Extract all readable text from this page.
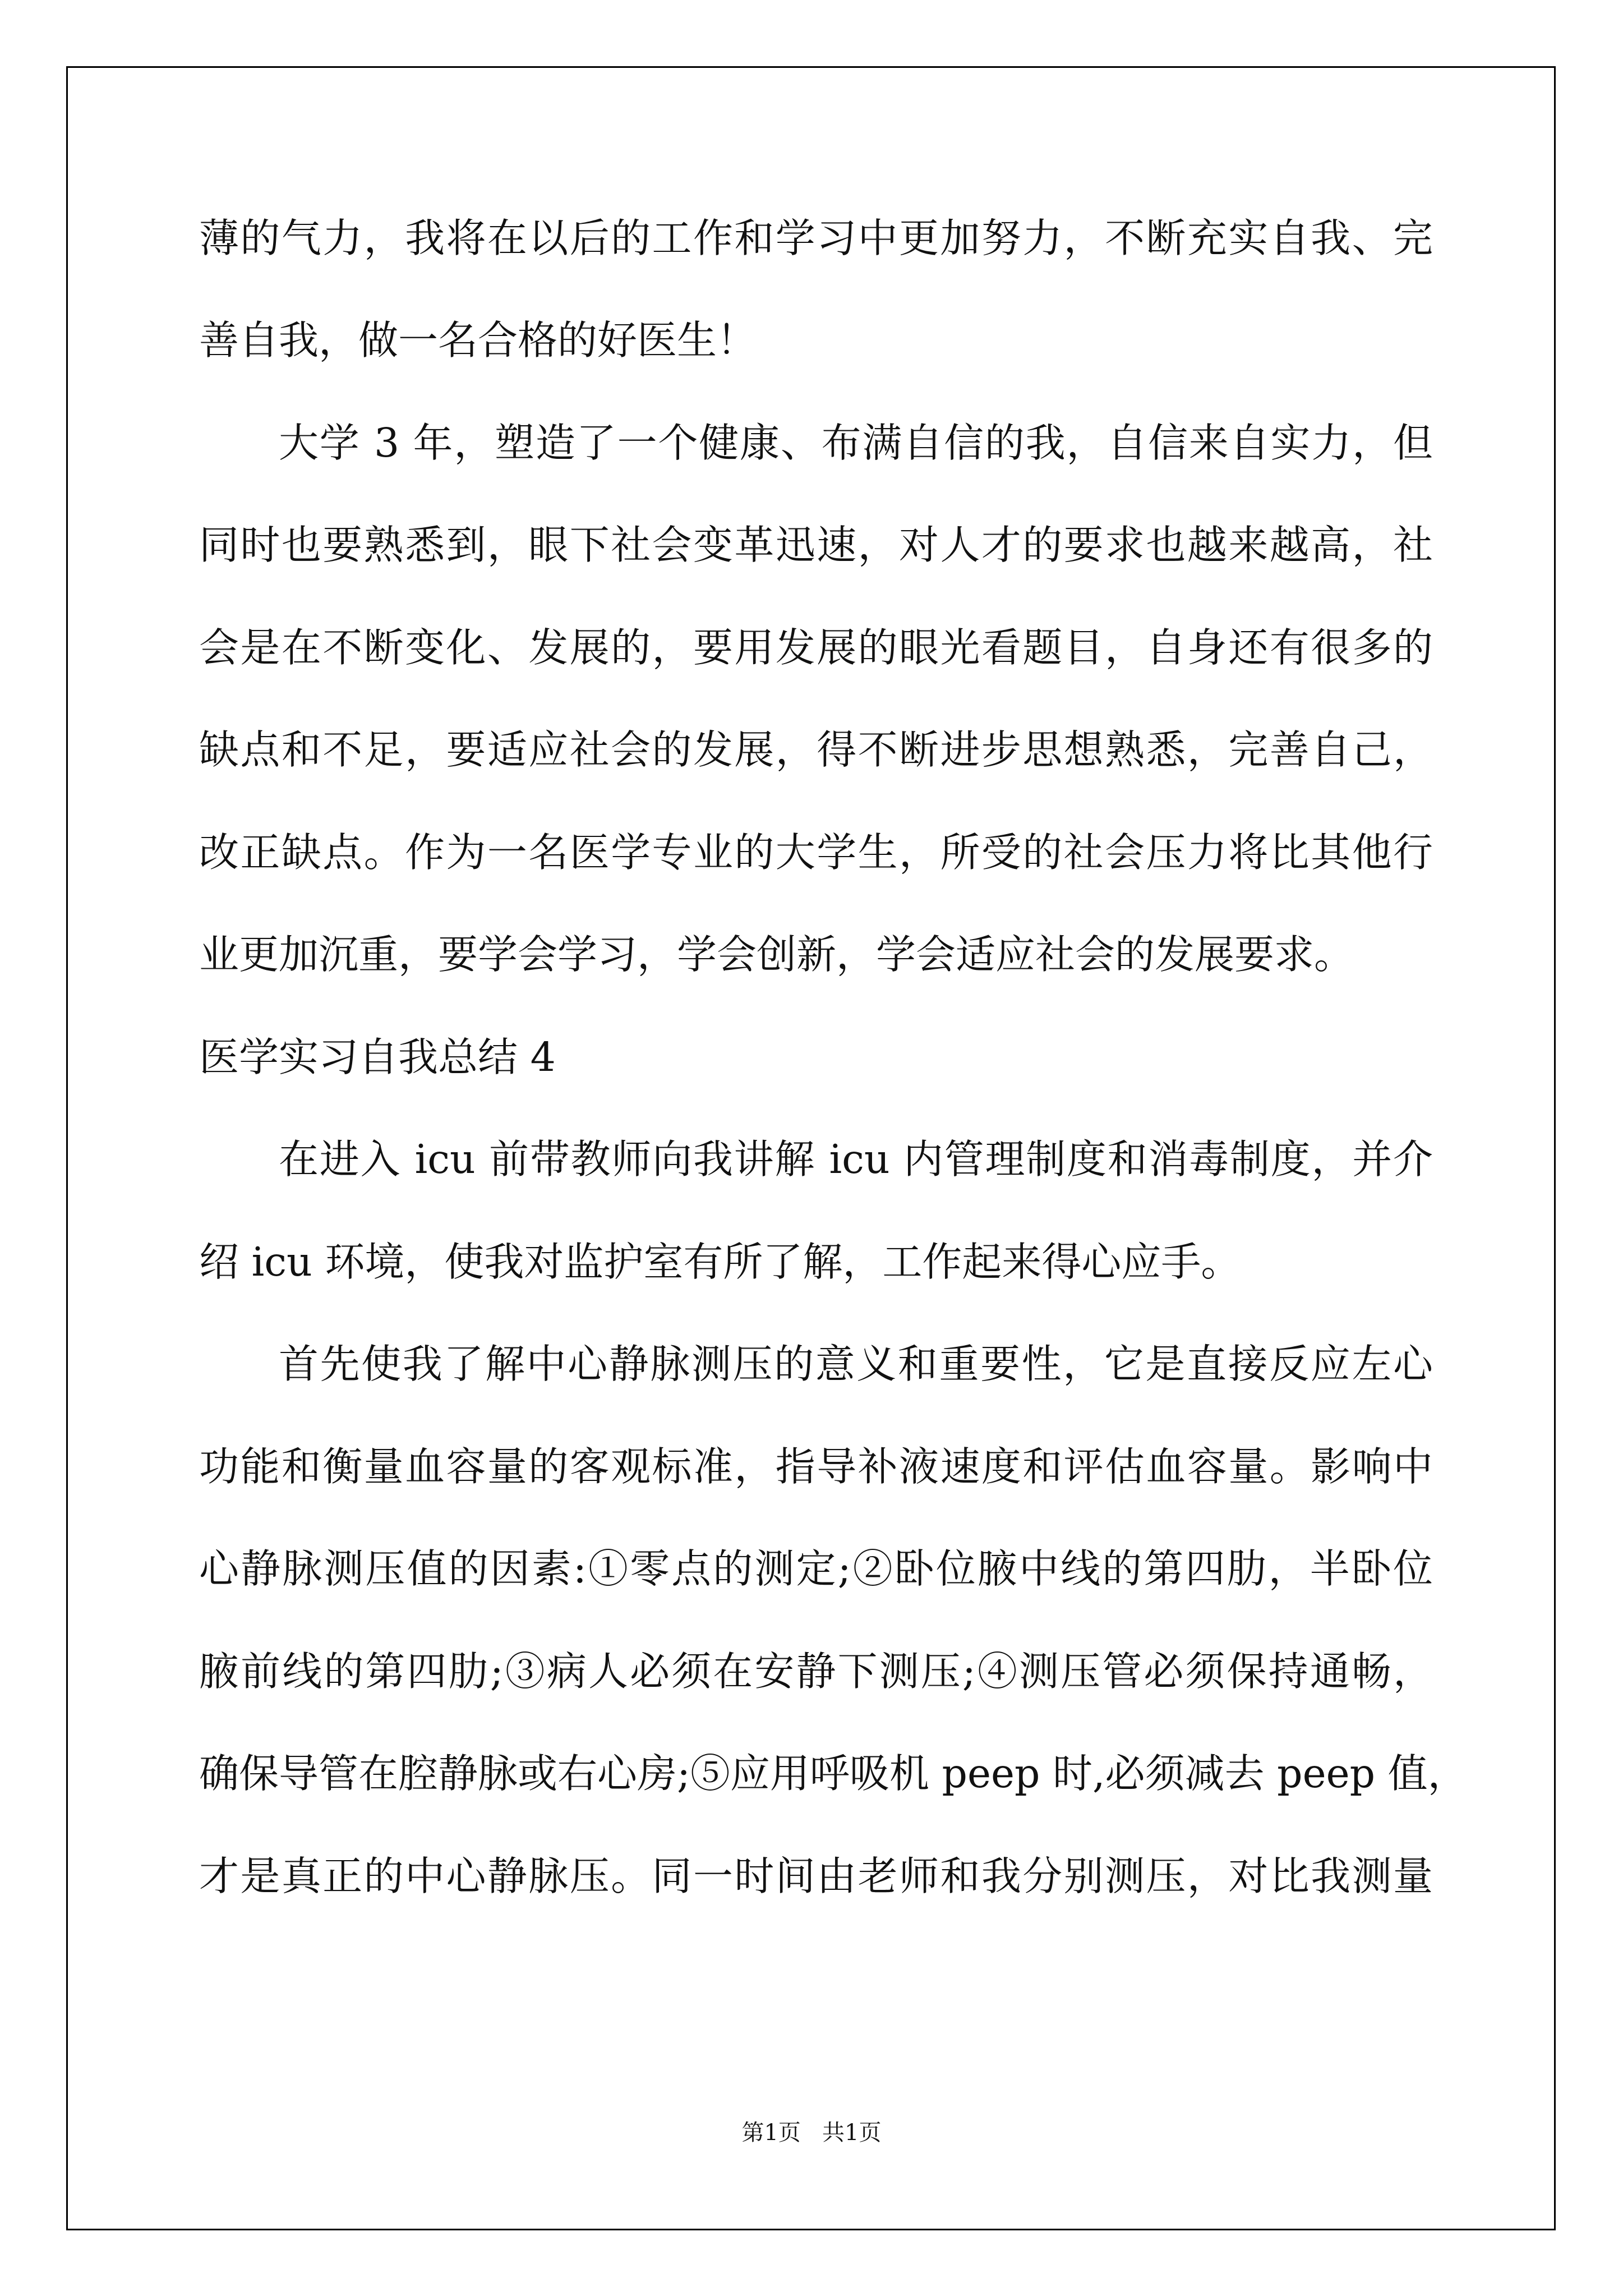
薄的气力，我将在以后的工作和学习中更加努力，不断充实自我、完
善自我，做一名合格的好医生！
大学 3 年，塑造了一个健康、布满自信的我，自信来自实力，但
同时也要熟悉到，眼下社会变革迅速，对人才的要求也越来越高，社
会是在不断变化、发展的，要用发展的眼光看题目，自身还有很多的
缺点和不足，要适应社会的发展，得不断进步思想熟悉，完善自己，
改正缺点。作为一名医学专业的大学生，所受的社会压力将比其他行
业更加沉重，要学会学习，学会创新，学会适应社会的发展要求。
医学实习自我总结 4
在进入 icu 前带教师向我讲解 icu 内管理制度和消毒制度，并介
绍 icu 环境，使我对监护室有所了解，工作起来得心应手。
首先使我了解中心静脉测压的意义和重要性，它是直接反应左心
功能和衡量血容量的客观标准，指导补液速度和评估血容量。影响中
心静脉测压值的因素:①零点的测定;②卧位腋中线的第四肋，半卧位
腋前线的第四肋;③病人必须在安静下测压;④测压管必须保持通畅，
确保导管在腔静脉或右心房;⑤应用呼吸机 peep 时,必须减去 peep 值，
才是真正的中心静脉压。同一时间由老师和我分别测压，对比我测量
第1页   共1页
